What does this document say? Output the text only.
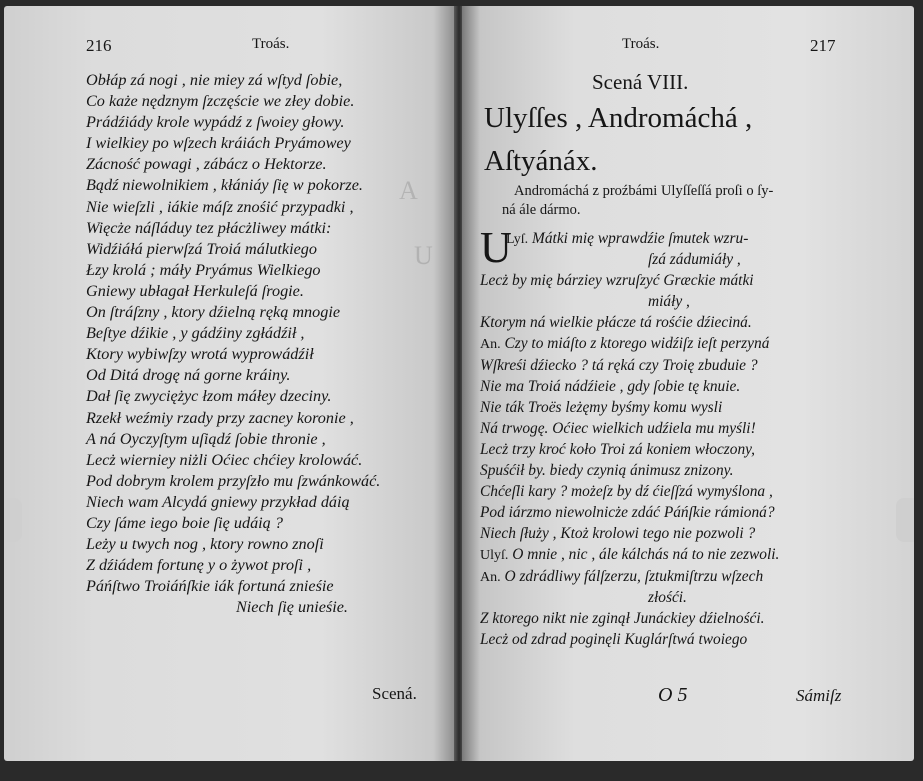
A
U
216	Troás.
Obłáp zá nogi , nie miey zá wſtyd ſobie,
Co każe nędznym ſzczęście we złey dobie.
Prádźiády krole wypádź z ſwoiey głowy.
I wielkiey po wſzech kráiách Pryámowey
Zácność powagi , zábácz o Hektorze.
Bądź niewolnikiem , kłániáy ſię w pokorze.
Nie wieſzli , iákie máſz znośić przypadki ,
Więcże náſláduy tez płácżliwey mátki:
Widźiáłá pierwſzá Troiá málutkiego
Łzy krolá ; máły Pryámus Wielkiego
Gniewy ubłagał Herkuleſá ſrogie.
On ſtráſzny , ktory dźielną ręką mnogie
Beſtye dźikie , y gádźiny zgłádźił ,
Ktory wybiwſzy wrotá wyprowádźił
Od Ditá drogę ná gorne kráiny.
Dał ſię zwyciężyc łzom máłey dzeciny.
Rzekł weźmiy rzady przy zacney koronie ,
A ná Oyczyſtym uſiądź ſobie thronie ,
Lecż wierniey niżli Oćiec chćiey krolowáć.
Pod dobrym krolem przyſzło mu ſzwánkowáć.
Niech wam Alcydá gniewy przykład dáią
Czy ſáme iego boie ſię udáią ?
Leży u twych nog , ktory rowno znoſi
Z dźiádem fortunę y o żywot proſi ,
Páńſtwo Troiáńſkie iák fortuná znieśie
Niech ſię unieśie.
Scená.
Troás.	217
Scená VIII.
Ulyſſes , Andromáchá ,
Aſtyánáx.
Andromáchá z proźbámi Ulyſſeſſá proſi o ſy-
ná ále dármo.
U
Lyſ. Mátki mię wprawdźie ſmutek wzru-
ſzá zádumiáły ,
Lecż by mię bárziey wzruſzyć Græckie mátki
miáły ,
Ktorym ná wielkie płácze tá rośćie dźieciná.
An. Czy to miáſto z ktorego widźiſz ieſt perzyná
Wſkreśi dźiecko ? tá ręká czy Troię zbuduie ?
Nie ma Troiá nádźieie , gdy ſobie tę knuie.
Nie ták Troës leżęmy byśmy komu wysli
Ná trwogę. Oćiec wielkich udźiela mu myśli!
Lecż trzy kroć koło Troi zá koniem włoczony,
Spuśćił by. biedy czynią ánimusz znizony.
Chćeſli kary ? możeſz by dź ćieſſzá wymyślona ,
Pod iárzmo niewolnicże zdáć Páńſkie rámioná?
Niech ſłuży , Ktoż krolowi tego nie pozwoli ?
Ulyſ. O mnie , nic , ále kálchás ná to nie zezwoli.
An. O zdrádliwy fálſzerzu, ſztukmiſtrzu wſzech
złośći.
Z ktorego nikt nie zginął Junáckiey dźielnośći.
Lecż od zdrad poginęli Kuglárſtwá twoiego
O 5	Sámiſz
